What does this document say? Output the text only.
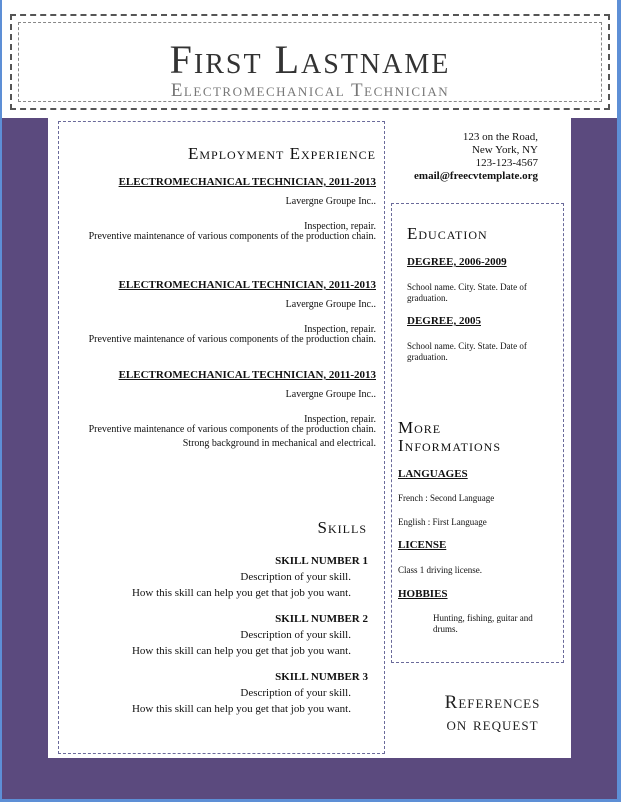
First Lastname
Electromechanical Technician
Employment Experience
ELECTROMECHANICAL TECHNICIAN, 2011-2013
Lavergne Groupe Inc..
Inspection, repair.
Preventive maintenance of various components of the production chain.
ELECTROMECHANICAL TECHNICIAN, 2011-2013
Lavergne Groupe Inc..
Inspection, repair.
Preventive maintenance of various components of the production chain.
ELECTROMECHANICAL TECHNICIAN, 2011-2013
Lavergne Groupe Inc..
Inspection, repair.
Preventive maintenance of various components of the production chain.
Strong background in mechanical and electrical.
Skills
SKILL NUMBER 1
Description of your skill.
How this skill can help you get that job you want.
SKILL NUMBER 2
Description of your skill.
How this skill can help you get that job you want.
SKILL NUMBER 3
Description of your skill.
How this skill can help you get that job you want.
123 on the Road,
New York, NY
123-123-4567
email@freecvtemplate.org
Education
DEGREE, 2006-2009
School name. City. State. Date of graduation.
DEGREE, 2005
School name. City. State. Date of graduation.
More
Informations
LANGUAGES
French : Second Language
English : First Language
LICENSE
Class 1 driving license.
HOBBIES
Hunting, fishing, guitar and drums.
References
on request
